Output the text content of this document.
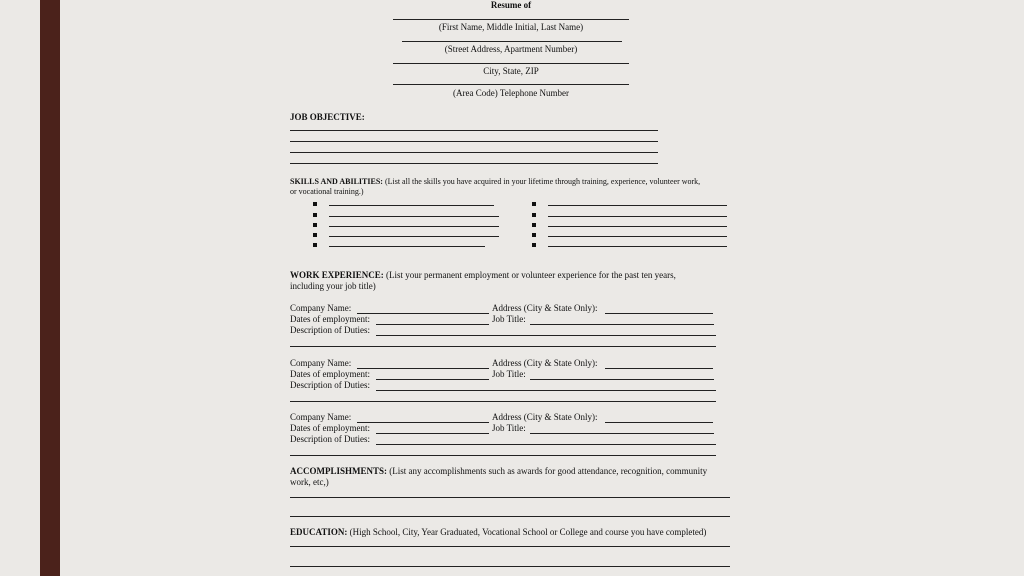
Resume of
(First Name, Middle Initial, Last Name)
(Street Address, Apartment Number)
City, State, ZIP
(Area Code) Telephone Number
JOB OBJECTIVE:
SKILLS AND ABILITIES: (List all the skills you have acquired in your lifetime through training, experience, volunteer work,
or vocational training.)
WORK EXPERIENCE: (List your permanent employment or volunteer experience for the past ten years,
including your job title)
Company Name:	Address (City & State Only):
Dates of employment:	Job Title:
Description of Duties:
Company Name:	Address (City & State Only):
Dates of employment:	Job Title:
Description of Duties:
Company Name:	Address (City & State Only):
Dates of employment:	Job Title:
Description of Duties:
ACCOMPLISHMENTS: (List any accomplishments such as awards for good attendance, recognition, community
work, etc,)
EDUCATION: (High School, City, Year Graduated, Vocational School or College and course you have completed)
